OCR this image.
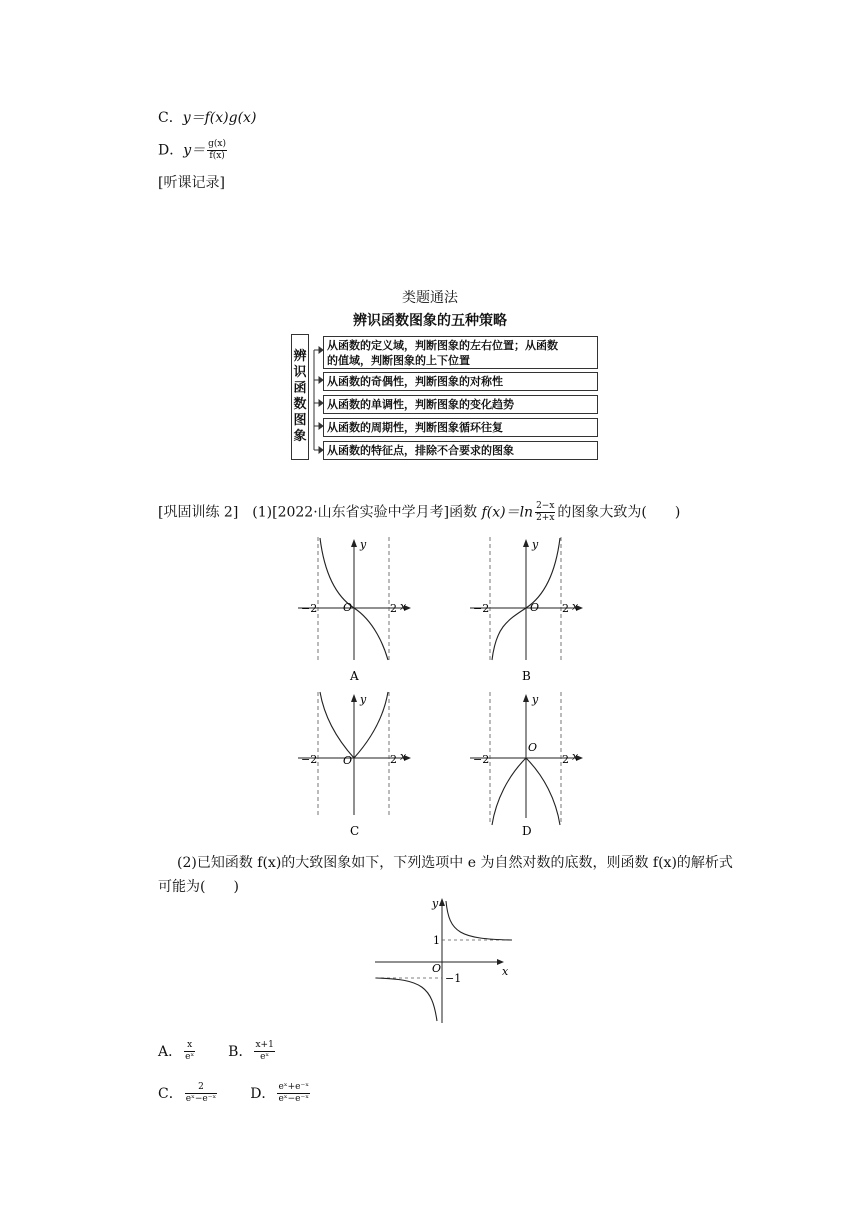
C．y＝f(x)g(x)
D．$y= \frac{g(x)}{f(x)}$
[听课记录]
类题通法
辨识函数图象的五种策略
辨
识
函
数
图
象
从函数的定义域，判断图象的左右位置；从函数
的值域，判断图象的上下位置
从函数的奇偶性，判断图象的对称性
从函数的单调性，判断图象的变化趋势
从函数的周期性，判断图象循环往复
从函数的特征点，排除不合要求的图象
[巩固训练 2]　 (1)[2022·山东省实验中学月考]函数 $f(x)=\ln \frac{2-x}{2+x}$ 的图象大致为(　　)
y
x
O
−2	2
A
y
x
O
−2	2
B
y
x
O
−2	2
C
y
x
O
−2	2
D
(2)已知函数 f(x)的大致图象如下，下列选项中 e 为自然对数的底数，则函数 f(x)的解析式
可能为(　　)
y
x
O
1
−1
A． $\frac{x}{\text{eˣ}}$ B． $\frac{x+1}{\text{eˣ}}$
C． $\frac{2}{\text{eˣ−e⁻ˣ}}$ D． $\frac{\text{eˣ+e⁻ˣ}}{\text{eˣ−e⁻ˣ}}$
